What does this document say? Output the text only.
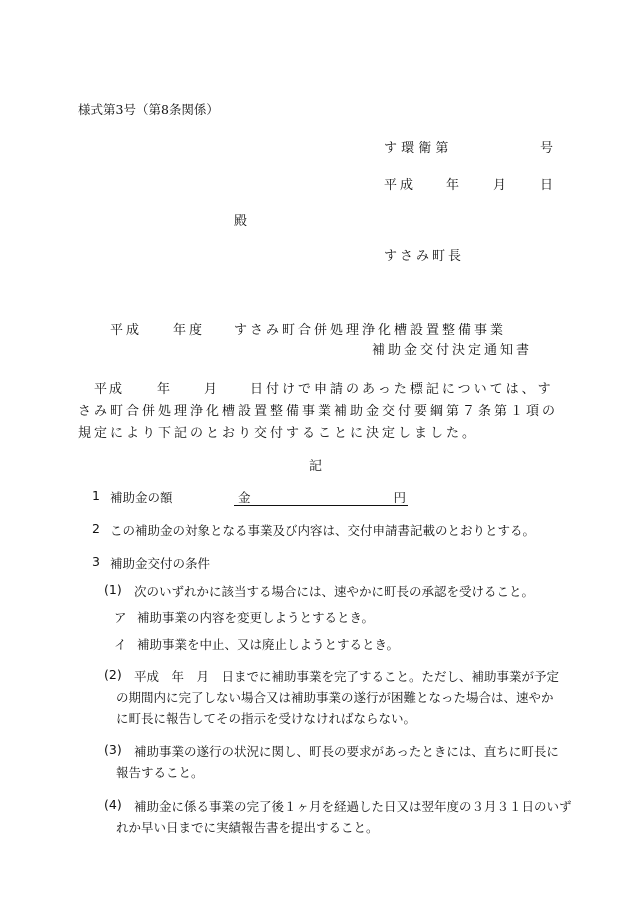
様式第3号（第8条関係）
す 環 衛 第	号
平成 年	月	日
殿
すさみ町長
平成 年度 すさみ町合併処理浄化槽設置整備事業
補助金交付決定通知書
平成	年	月	日付けで申請のあった標記については、す
さみ町合併処理浄化槽設置整備事業補助金交付要綱第７条第１項の
規定により下記のとおり交付することに決定しました。
記
1 補助金の額	金	円
2 この補助金の対象となる事業及び内容は、交付申請書記載のとおりとする。
3 補助金交付の条件
(1) 次のいずれかに該当する場合には、速やかに町長の承認を受けること。
ア 補助事業の内容を変更しようとするとき。
イ 補助事業を中止、又は廃止しようとするとき。
(2) 平成　年　月　日までに補助事業を完了すること。ただし、補助事業が予定
の期間内に完了しない場合又は補助事業の遂行が困難となった場合は、速やか
に町長に報告してその指示を受けなければならない。
(3) 補助事業の遂行の状況に関し、町長の要求があったときには、直ちに町長に
報告すること。
(4) 補助金に係る事業の完了後１ヶ月を経過した日又は翌年度の３月３１日のいず
れか早い日までに実績報告書を提出すること。
